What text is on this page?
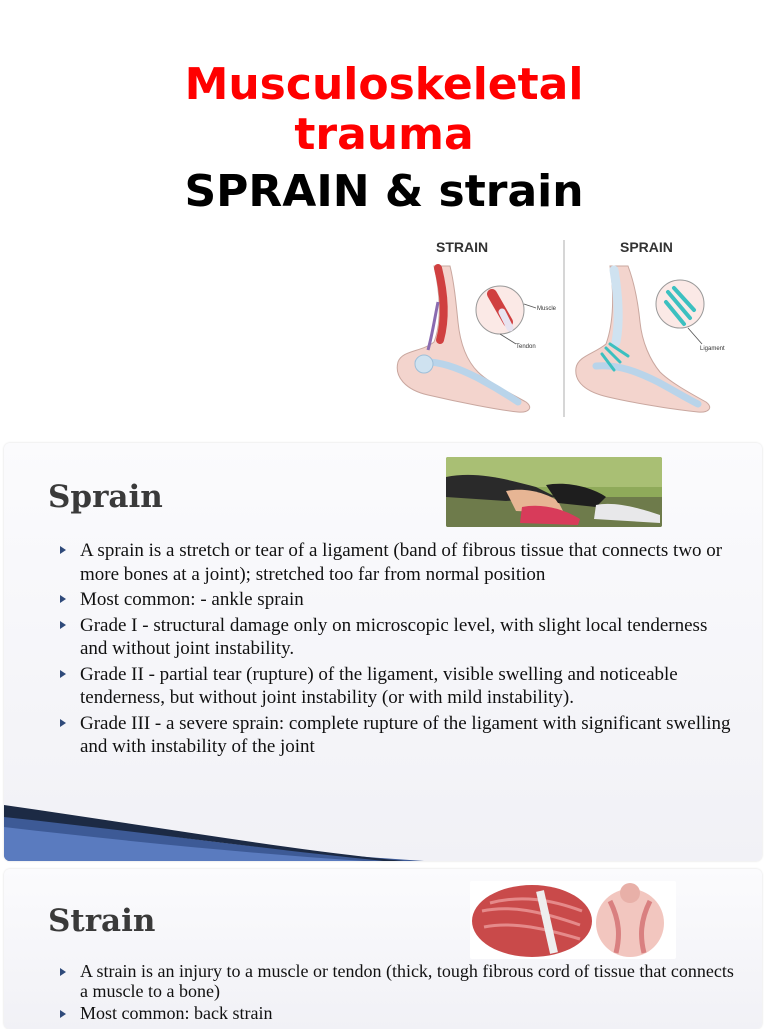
Musculoskeletal
trauma
SPRAIN & strain
STRAIN	SPRAIN
Muscle
Tendon	Ligament
Sprain
A sprain is a stretch or tear of a ligament (band of fibrous tissue that connects two or more bones at a joint); stretched too far from normal position
Most common: - ankle sprain
Grade I - structural damage only on microscopic level, with slight local tenderness and without joint instability.
Grade II - partial tear (rupture) of the ligament, visible swelling and noticeable tenderness, but without joint instability (or with mild instability).
Grade III - a severe sprain: complete rupture of the ligament with significant swelling and with instability of the joint
Strain
A strain is an injury to a muscle or tendon (thick, tough fibrous cord of tissue that connects a muscle to a bone)
Most common: back strain
